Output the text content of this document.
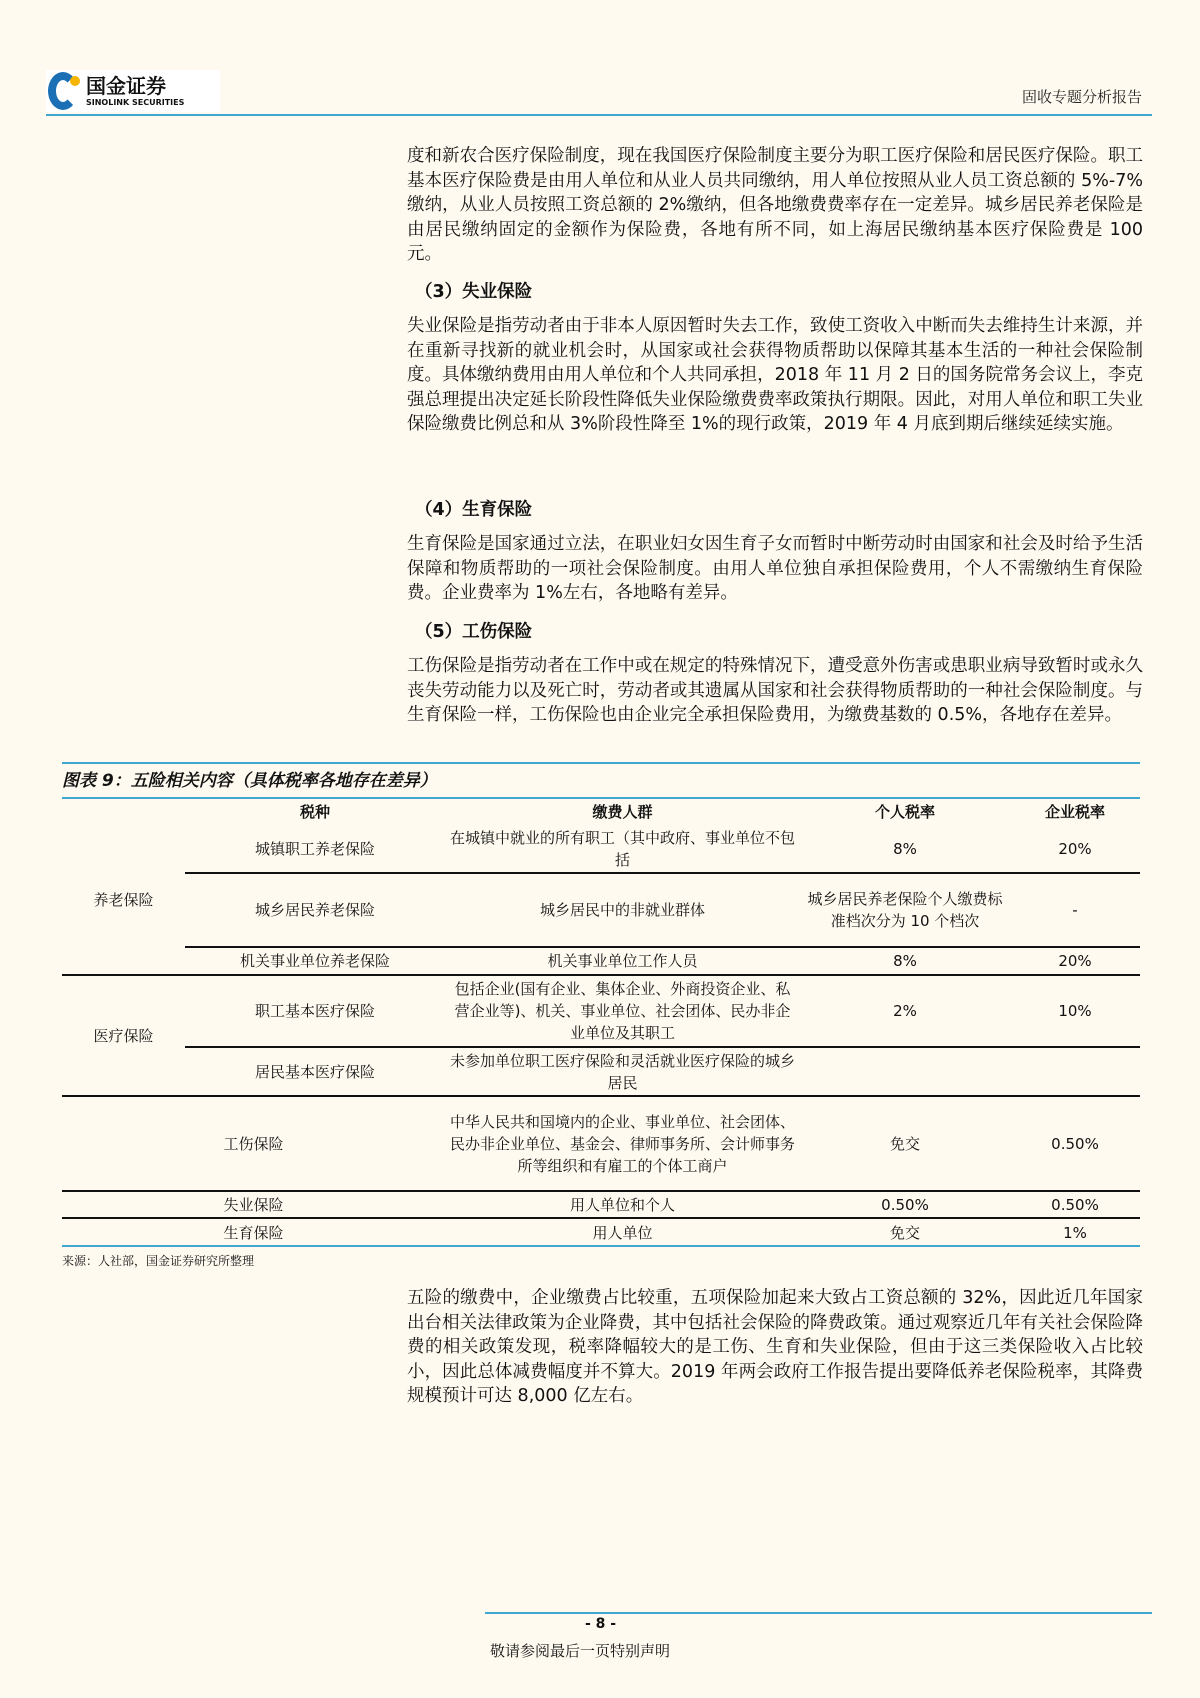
国金证券
SINOLINK SECURITIES	固收专题分析报告

度和新农合医疗保险制度，现在我国医疗保险制度主要分为职工医疗保险和居民医疗保险。职工基本医疗保险费是由用人单位和从业人员共同缴纳，用人单位按照从业人员工资总额的 5%-7%缴纳，从业人员按照工资总额的 2%缴纳，但各地缴费费率存在一定差异。城乡居民养老保险是由居民缴纳固定的金额作为保险费，各地有所不同，如上海居民缴纳基本医疗保险费是 100 元。

（3）失业保险

失业保险是指劳动者由于非本人原因暂时失去工作，致使工资收入中断而失去维持生计来源，并在重新寻找新的就业机会时，从国家或社会获得物质帮助以保障其基本生活的一种社会保险制度。具体缴纳费用由用人单位和个人共同承担，2018 年 11 月 2 日的国务院常务会议上，李克强总理提出决定延长阶段性降低失业保险缴费费率政策执行期限。因此，对用人单位和职工失业保险缴费比例总和从 3%阶段性降至 1%的现行政策，2019 年 4 月底到期后继续延续实施。

（4）生育保险

生育保险是国家通过立法，在职业妇女因生育子女而暂时中断劳动时由国家和社会及时给予生活保障和物质帮助的一项社会保险制度。由用人单位独自承担保险费用，个人不需缴纳生育保险费。企业费率为 1%左右，各地略有差异。

（5）工伤保险

工伤保险是指劳动者在工作中或在规定的特殊情况下，遭受意外伤害或患职业病导致暂时或永久丧失劳动能力以及死亡时，劳动者或其遗属从国家和社会获得物质帮助的一种社会保险制度。与生育保险一样，工伤保险也由企业完全承担保险费用，为缴费基数的 0.5%，各地存在差异。

图表 9：五险相关内容（具体税率各地存在差异）
	税种	缴费人群	个人税率	企业税率
养老保险	城镇职工养老保险	在城镇中就业的所有职工（其中政府、事业单位不包括	8%	20%
	城乡居民养老保险	城乡居民中的非就业群体	城乡居民养老保险个人缴费标准档次分为 10 个档次	-
	机关事业单位养老保险	机关事业单位工作人员	8%	20%
医疗保险	职工基本医疗保险	包括企业(国有企业、集体企业、外商投资企业、私营企业等)、机关、事业单位、社会团体、民办非企业单位及其职工	2%	10%
	居民基本医疗保险	未参加单位职工医疗保险和灵活就业医疗保险的城乡居民		
工伤保险		中华人民共和国境内的企业、事业单位、社会团体、民办非企业单位、基金会、律师事务所、会计师事务所等组织和有雇工的个体工商户	免交	0.50%
失业保险		用人单位和个人	0.50%	0.50%
生育保险		用人单位	免交	1%
来源：人社部，国金证券研究所整理

五险的缴费中，企业缴费占比较重，五项保险加起来大致占工资总额的 32%，因此近几年国家出台相关法律政策为企业降费，其中包括社会保险的降费政策。通过观察近几年有关社会保险降费的相关政策发现，税率降幅较大的是工伤、生育和失业保险，但由于这三类保险收入占比较小，因此总体减费幅度并不算大。2019 年两会政府工作报告提出要降低养老保险税率，其降费规模预计可达 8,000 亿左右。

- 8 -
敬请参阅最后一页特别声明
